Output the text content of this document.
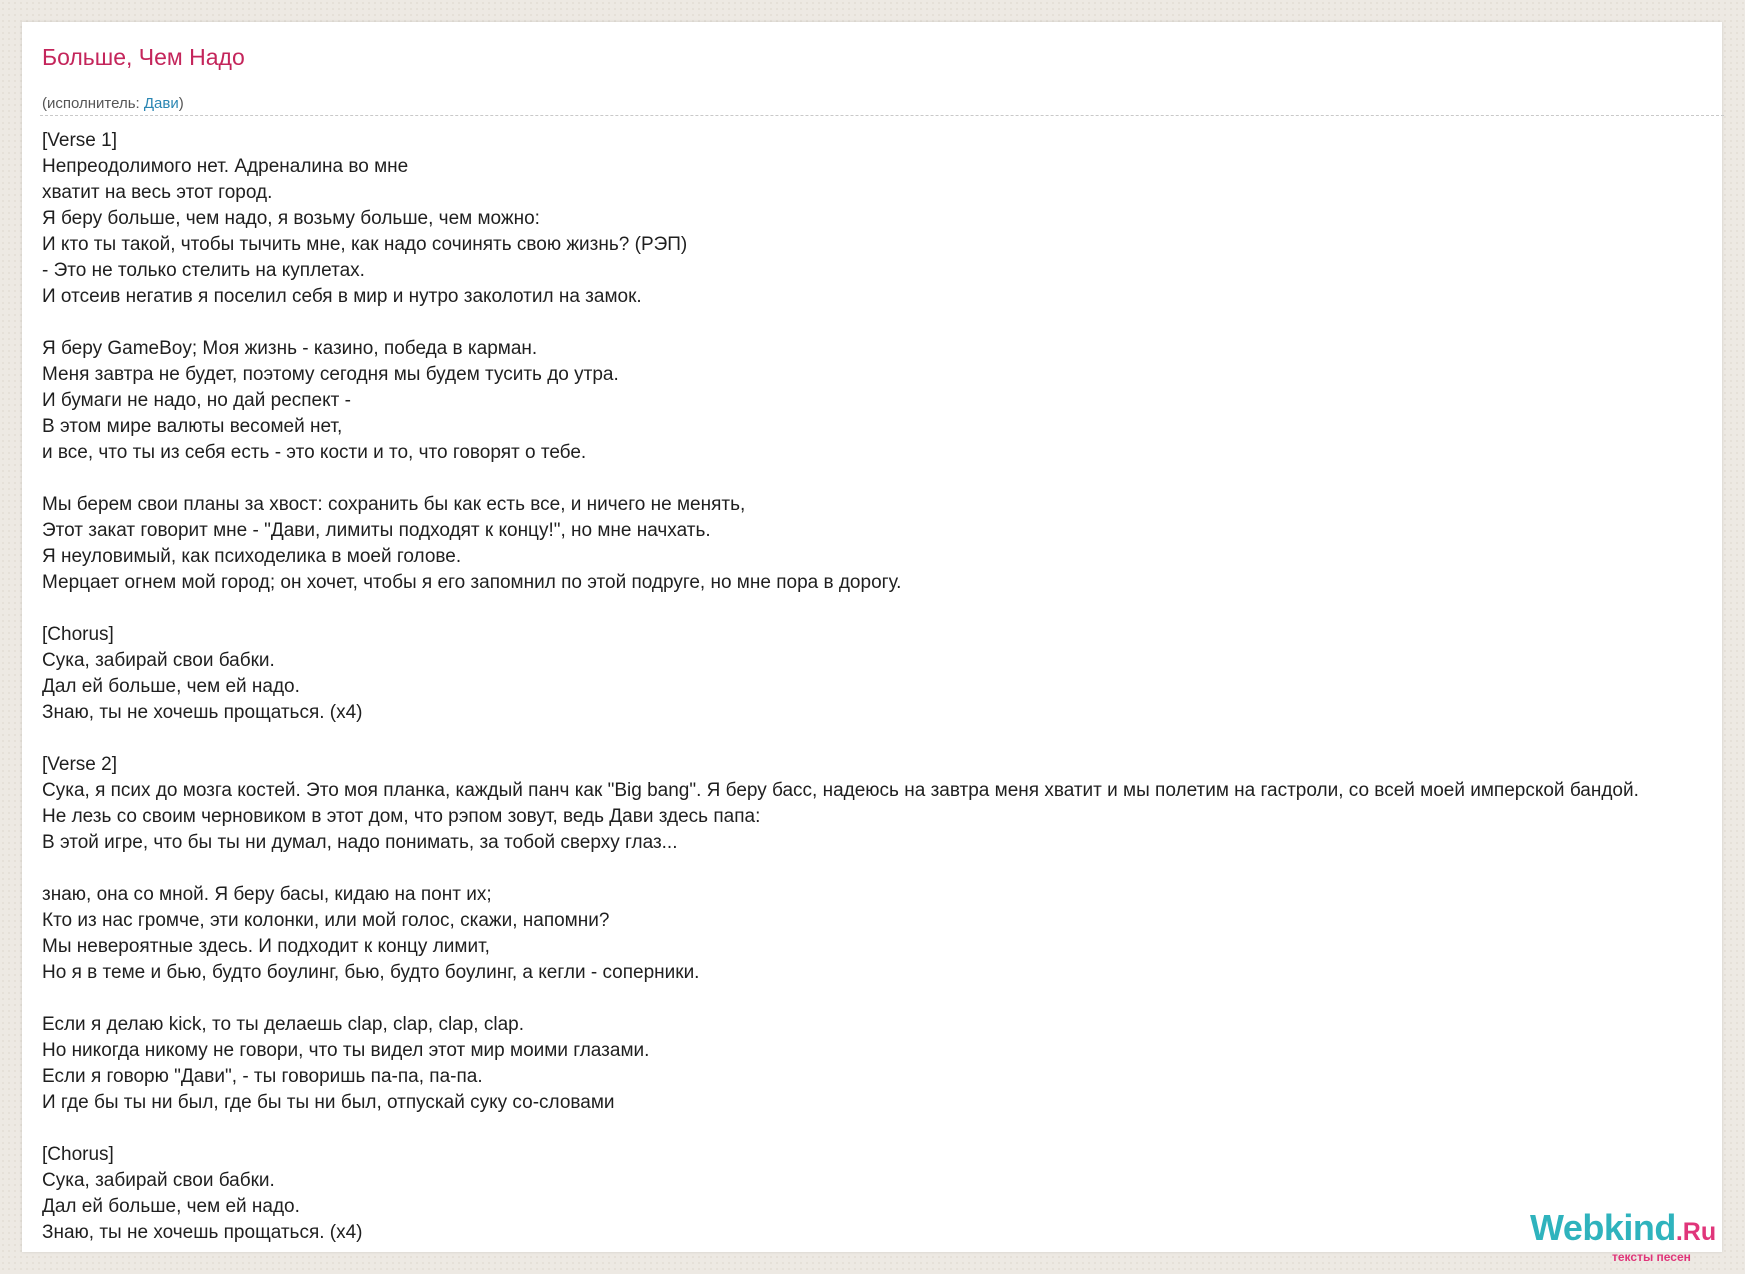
Больше, Чем Надо
(исполнитель: Дави)
[Verse 1]
Непреодолимого нет. Адреналина во мне
хватит на весь этот город.
Я беру больше, чем надо, я возьму больше, чем можно:
И кто ты такой, чтобы тычить мне, как надо сочинять свою жизнь? (РЭП)
- Это не только стелить на куплетах.
И отсеив негатив я поселил себя в мир и нутро заколотил на замок.

Я беру GameBoy; Моя жизнь - казино, победа в карман.
Меня завтра не будет, поэтому сегодня мы будем тусить до утра.
И бумаги не надо, но дай респект -
В этом мире валюты весомей нет,
и все, что ты из себя есть - это кости и то, что говорят о тебе.

Мы берем свои планы за хвост: сохранить бы как есть все, и ничего не менять,
Этот закат говорит мне - "Дави, лимиты подходят к концу!", но мне начхать.
Я неуловимый, как психоделика в моей голове.
Мерцает огнем мой город; он хочет, чтобы я его запомнил по этой подруге, но мне пора в дорогу.

[Chorus]
Сука, забирай свои бабки.
Дал ей больше, чем ей надо.
Знаю, ты не хочешь прощаться. (x4)

[Verse 2]
Сука, я псих до мозга костей. Это моя планка, каждый панч как "Big bang". Я беру басс, надеюсь на завтра меня хватит и мы полетим на гастроли, со всей моей имперской бандой.
Не лезь со своим черновиком в этот дом, что рэпом зовут, ведь Дави здесь папа:
В этой игре, что бы ты ни думал, надо понимать, за тобой сверху глаз...

знаю, она со мной. Я беру басы, кидаю на понт их;
Кто из нас громче, эти колонки, или мой голос, скажи, напомни?
Мы невероятные здесь. И подходит к концу лимит,
Но я в теме и бью, будто боулинг, бью, будто боулинг, а кегли - соперники.

Если я делаю kick, то ты делаешь clap, clap, clap, clap.
Но никогда никому не говори, что ты видел этот мир моими глазами.
Если я говорю "Дави", - ты говоришь па-па, па-па.
И где бы ты ни был, где бы ты ни был, отпускай суку со-словами

[Chorus]
Сука, забирай свои бабки.
Дал ей больше, чем ей надо.
Знаю, ты не хочешь прощаться. (x4)	Webkind.Ru
тексты песен
